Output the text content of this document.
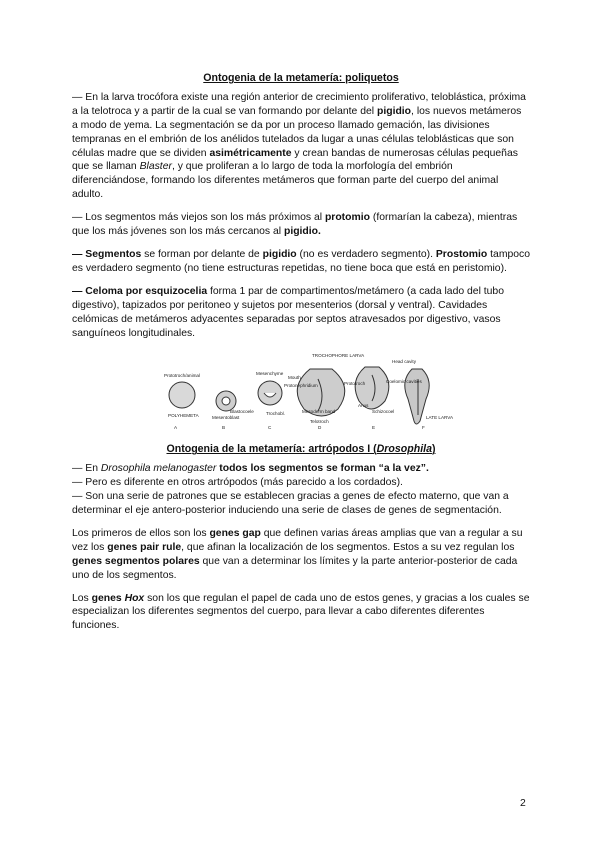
Ontogenia de la metamería: poliquetos

— En la larva trocófora existe una región anterior de crecimiento proliferativo, teloblástica, próxima a la telotroca y a partir de la cual se van formando por delante del pigidio, los nuevos metámeros a modo de yema. La segmentación se da por un proceso llamado gemación, las divisiones tempranas en el embrión de los anélidos tutelados da lugar a unas células teloblásticas que son células madre que se dividen asimétricamente y crean bandas de numerosas células pequeñas que se llaman Blaster, y que proliferan a lo largo de toda la morfología del embrión diferenciándose, formando los diferentes metámeros que forman parte del cuerpo del animal adulto.

— Los segmentos más viejos son los más próximos al protomio (formarían la cabeza), mientras que los más jóvenes son los más cercanos al pigidio.

— Segmentos se forman por delante de pigidio (no es verdadero segmento). Prostomio tampoco es verdadero segmento (no tiene estructuras repetidas, no tiene boca que está en peristomio).

— Celoma por esquizocelia forma 1 par de compartimentos/metámero (a cada lado del tubo digestivo), tapizados por peritoneo y sujetos por mesenterios (dorsal y ventral). Cavidades celómicas de metámeros adyacentes separadas por septos atravesados por digestivo, vasos sanguíneos longitudinales.

Prototroch/animal
POLYHEMETA
Mesenchyme
Blastocoele
Mesentoblast
Trochobl.
TROCHOPHORE LARVA
Mouth
Protonephridium
Mesoderm band
Telotroch
Prototroch
Anus
Head cavity
Coelomic cavities
Schizocoel
LATE LARVA
A	B	C	D	E	F
Ontogenia de la metamería: artrópodos I (Drosophila)

— En Drosophila melanogaster todos los segmentos se forman “a la vez”.

— Pero es diferente en otros artrópodos (más parecido a los cordados).

— Son una serie de patrones que se establecen gracias a genes de efecto materno, que van a determinar el eje antero-posterior induciendo una serie de clases de genes de segmentación.

Los primeros de ellos son los genes gap que definen varias áreas amplias que van a regular a su vez los genes pair rule, que afinan la localización de los segmentos. Estos a su vez regulan los genes segmentos polares que van a determinar los límites y la parte anterior-posterior de cada uno de los segmentos.

Los genes Hox son los que regulan el papel de cada uno de estos genes, y gracias a los cuales se especializan los diferentes segmentos del cuerpo, para llevar a cabo diferentes diferentes funciones.

2
